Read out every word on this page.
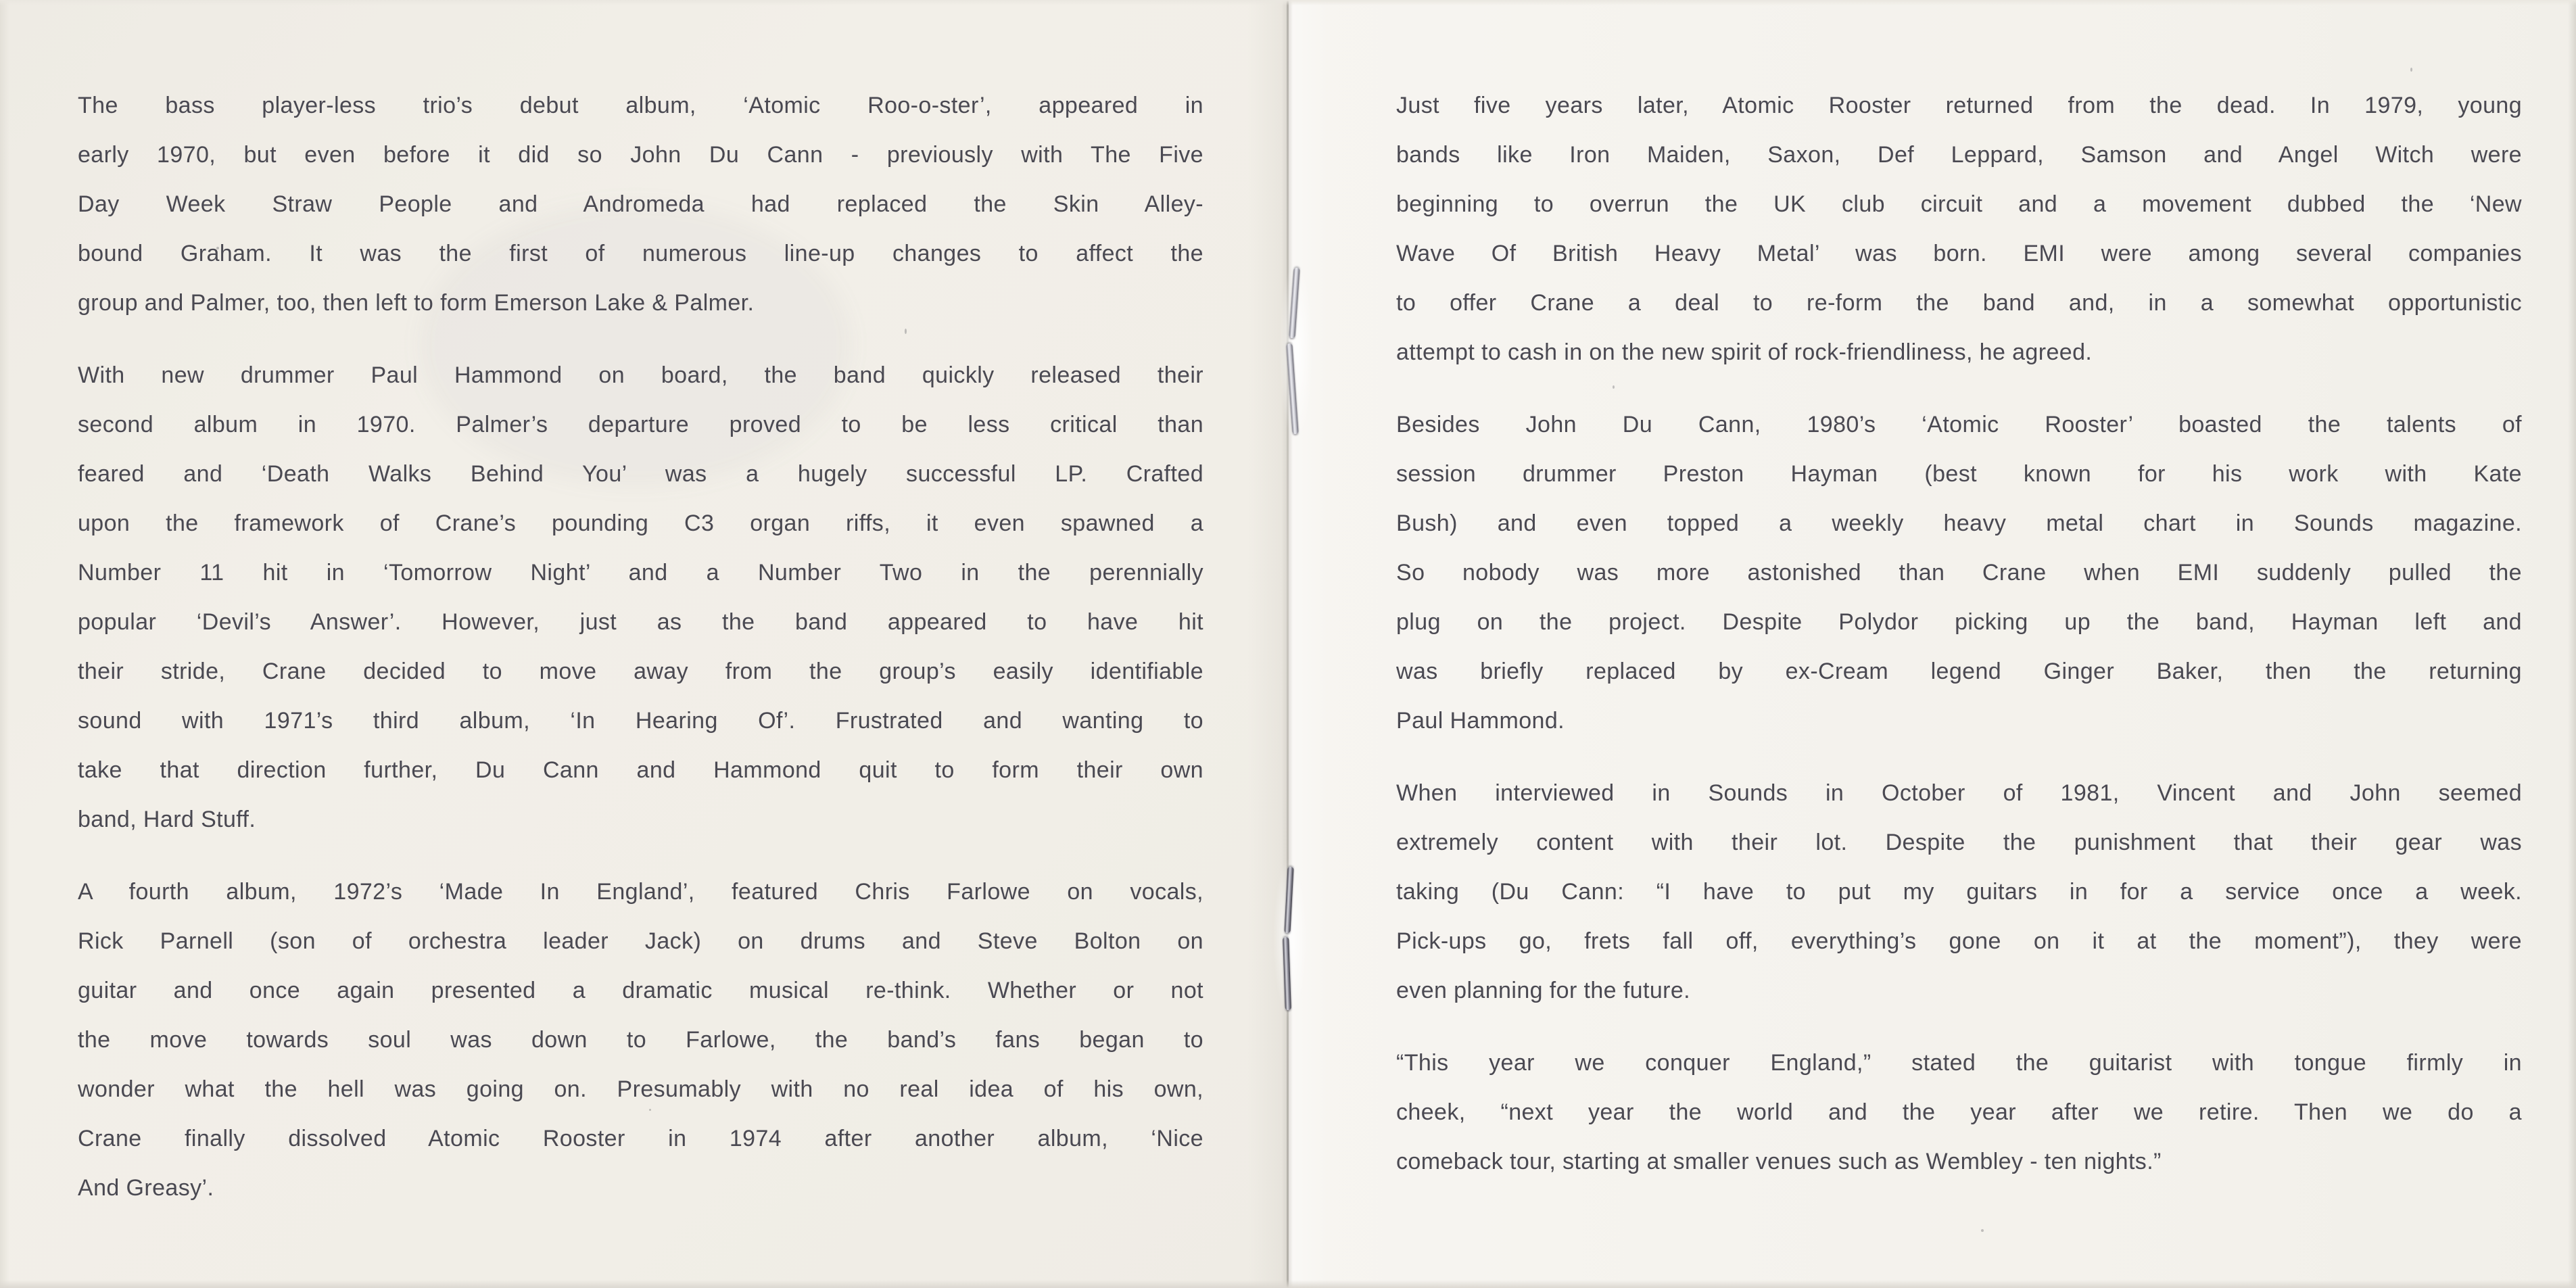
The bass player-less trio’s debut album, ‘Atomic Roo-o-ster’, appeared in
early 1970, but even before it did so John Du Cann - previously with The Five
Day Week Straw People and Andromeda had replaced the Skin Alley-
bound Graham. It was the first of numerous line-up changes to affect the
group and Palmer, too, then left to form Emerson Lake & Palmer.
With new drummer Paul Hammond on board, the band quickly released their
second album in 1970. Palmer’s departure proved to be less critical than
feared and ‘Death Walks Behind You’ was a hugely successful LP. Crafted
upon the framework of Crane’s pounding C3 organ riffs, it even spawned a
Number 11 hit in ‘Tomorrow Night’ and a Number Two in the perennially
popular ‘Devil’s Answer’. However, just as the band appeared to have hit
their stride, Crane decided to move away from the group’s easily identifiable
sound with 1971’s third album, ‘In Hearing Of’. Frustrated and wanting to
take that direction further, Du Cann and Hammond quit to form their own
band, Hard Stuff.
A fourth album, 1972’s ‘Made In England’, featured Chris Farlowe on vocals,
Rick Parnell (son of orchestra leader Jack) on drums and Steve Bolton on
guitar and once again presented a dramatic musical re-think. Whether or not
the move towards soul was down to Farlowe, the band’s fans began to
wonder what the hell was going on. Presumably with no real idea of his own,
Crane finally dissolved Atomic Rooster in 1974 after another album, ‘Nice
And Greasy’.
Just five years later, Atomic Rooster returned from the dead. In 1979, young
bands like Iron Maiden, Saxon, Def Leppard, Samson and Angel Witch were
beginning to overrun the UK club circuit and a movement dubbed the ‘New
Wave Of British Heavy Metal’ was born. EMI were among several companies
to offer Crane a deal to re-form the band and, in a somewhat opportunistic
attempt to cash in on the new spirit of rock-friendliness, he agreed.
Besides John Du Cann, 1980’s ‘Atomic Rooster’ boasted the talents of
session drummer Preston Hayman (best known for his work with Kate
Bush) and even topped a weekly heavy metal chart in Sounds magazine.
So nobody was more astonished than Crane when EMI suddenly pulled the
plug on the project. Despite Polydor picking up the band, Hayman left and
was briefly replaced by ex-Cream legend Ginger Baker, then the returning
Paul Hammond.
When interviewed in Sounds in October of 1981, Vincent and John seemed
extremely content with their lot. Despite the punishment that their gear was
taking (Du Cann: “I have to put my guitars in for a service once a week.
Pick-ups go, frets fall off, everything’s gone on it at the moment”), they were
even planning for the future.
“This year we conquer England,” stated the guitarist with tongue firmly in
cheek, “next year the world and the year after we retire. Then we do a
comeback tour, starting at smaller venues such as Wembley - ten nights.”
